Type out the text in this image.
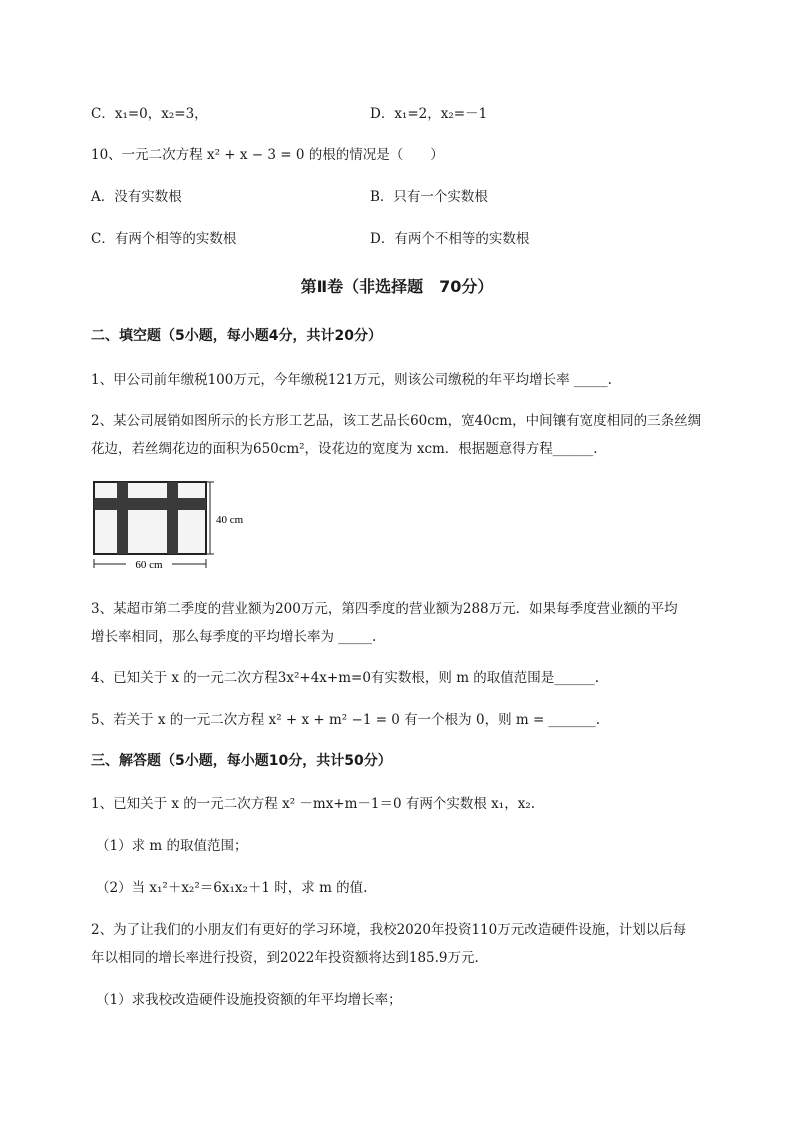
C．x₁=0，x₂=3，	D．x₁=2，x₂=－1
10、一元二次方程 x² + x − 3 = 0 的根的情况是（　　）
A．没有实数根	B．只有一个实数根
C．有两个相等的实数根	D．有两个不相等的实数根
第Ⅱ卷（非选择题　70分）
二、填空题（5小题，每小题4分，共计20分）
1、甲公司前年缴税100万元，今年缴税121万元，则该公司缴税的年平均增长率 _____.
2、某公司展销如图所示的长方形工艺品，该工艺品长60cm，宽40cm，中间镶有宽度相同的三条丝绸
花边，若丝绸花边的面积为650cm²，设花边的宽度为 xcm．根据题意得方程______.
60 cm
40 cm
3、某超市第二季度的营业额为200万元，第四季度的营业额为288万元．如果每季度营业额的平均
增长率相同，那么每季度的平均增长率为 _____.
4、已知关于 x 的一元二次方程3x²+4x+m=0有实数根，则 m 的取值范围是______.
5、若关于 x 的一元二次方程 x² + x + m² −1 = 0 有一个根为 0，则 m = _______.
三、解答题（5小题，每小题10分，共计50分）
1、已知关于 x 的一元二次方程 x² －mx+m－1＝0 有两个实数根 x₁，x₂.
（1）求 m 的取值范围；
（2）当 x₁²＋x₂²＝6x₁x₂＋1 时，求 m 的值.
2、为了让我们的小朋友们有更好的学习环境，我校2020年投资110万元改造硬件设施，计划以后每
年以相同的增长率进行投资，到2022年投资额将达到185.9万元.
（1）求我校改造硬件设施投资额的年平均增长率；
